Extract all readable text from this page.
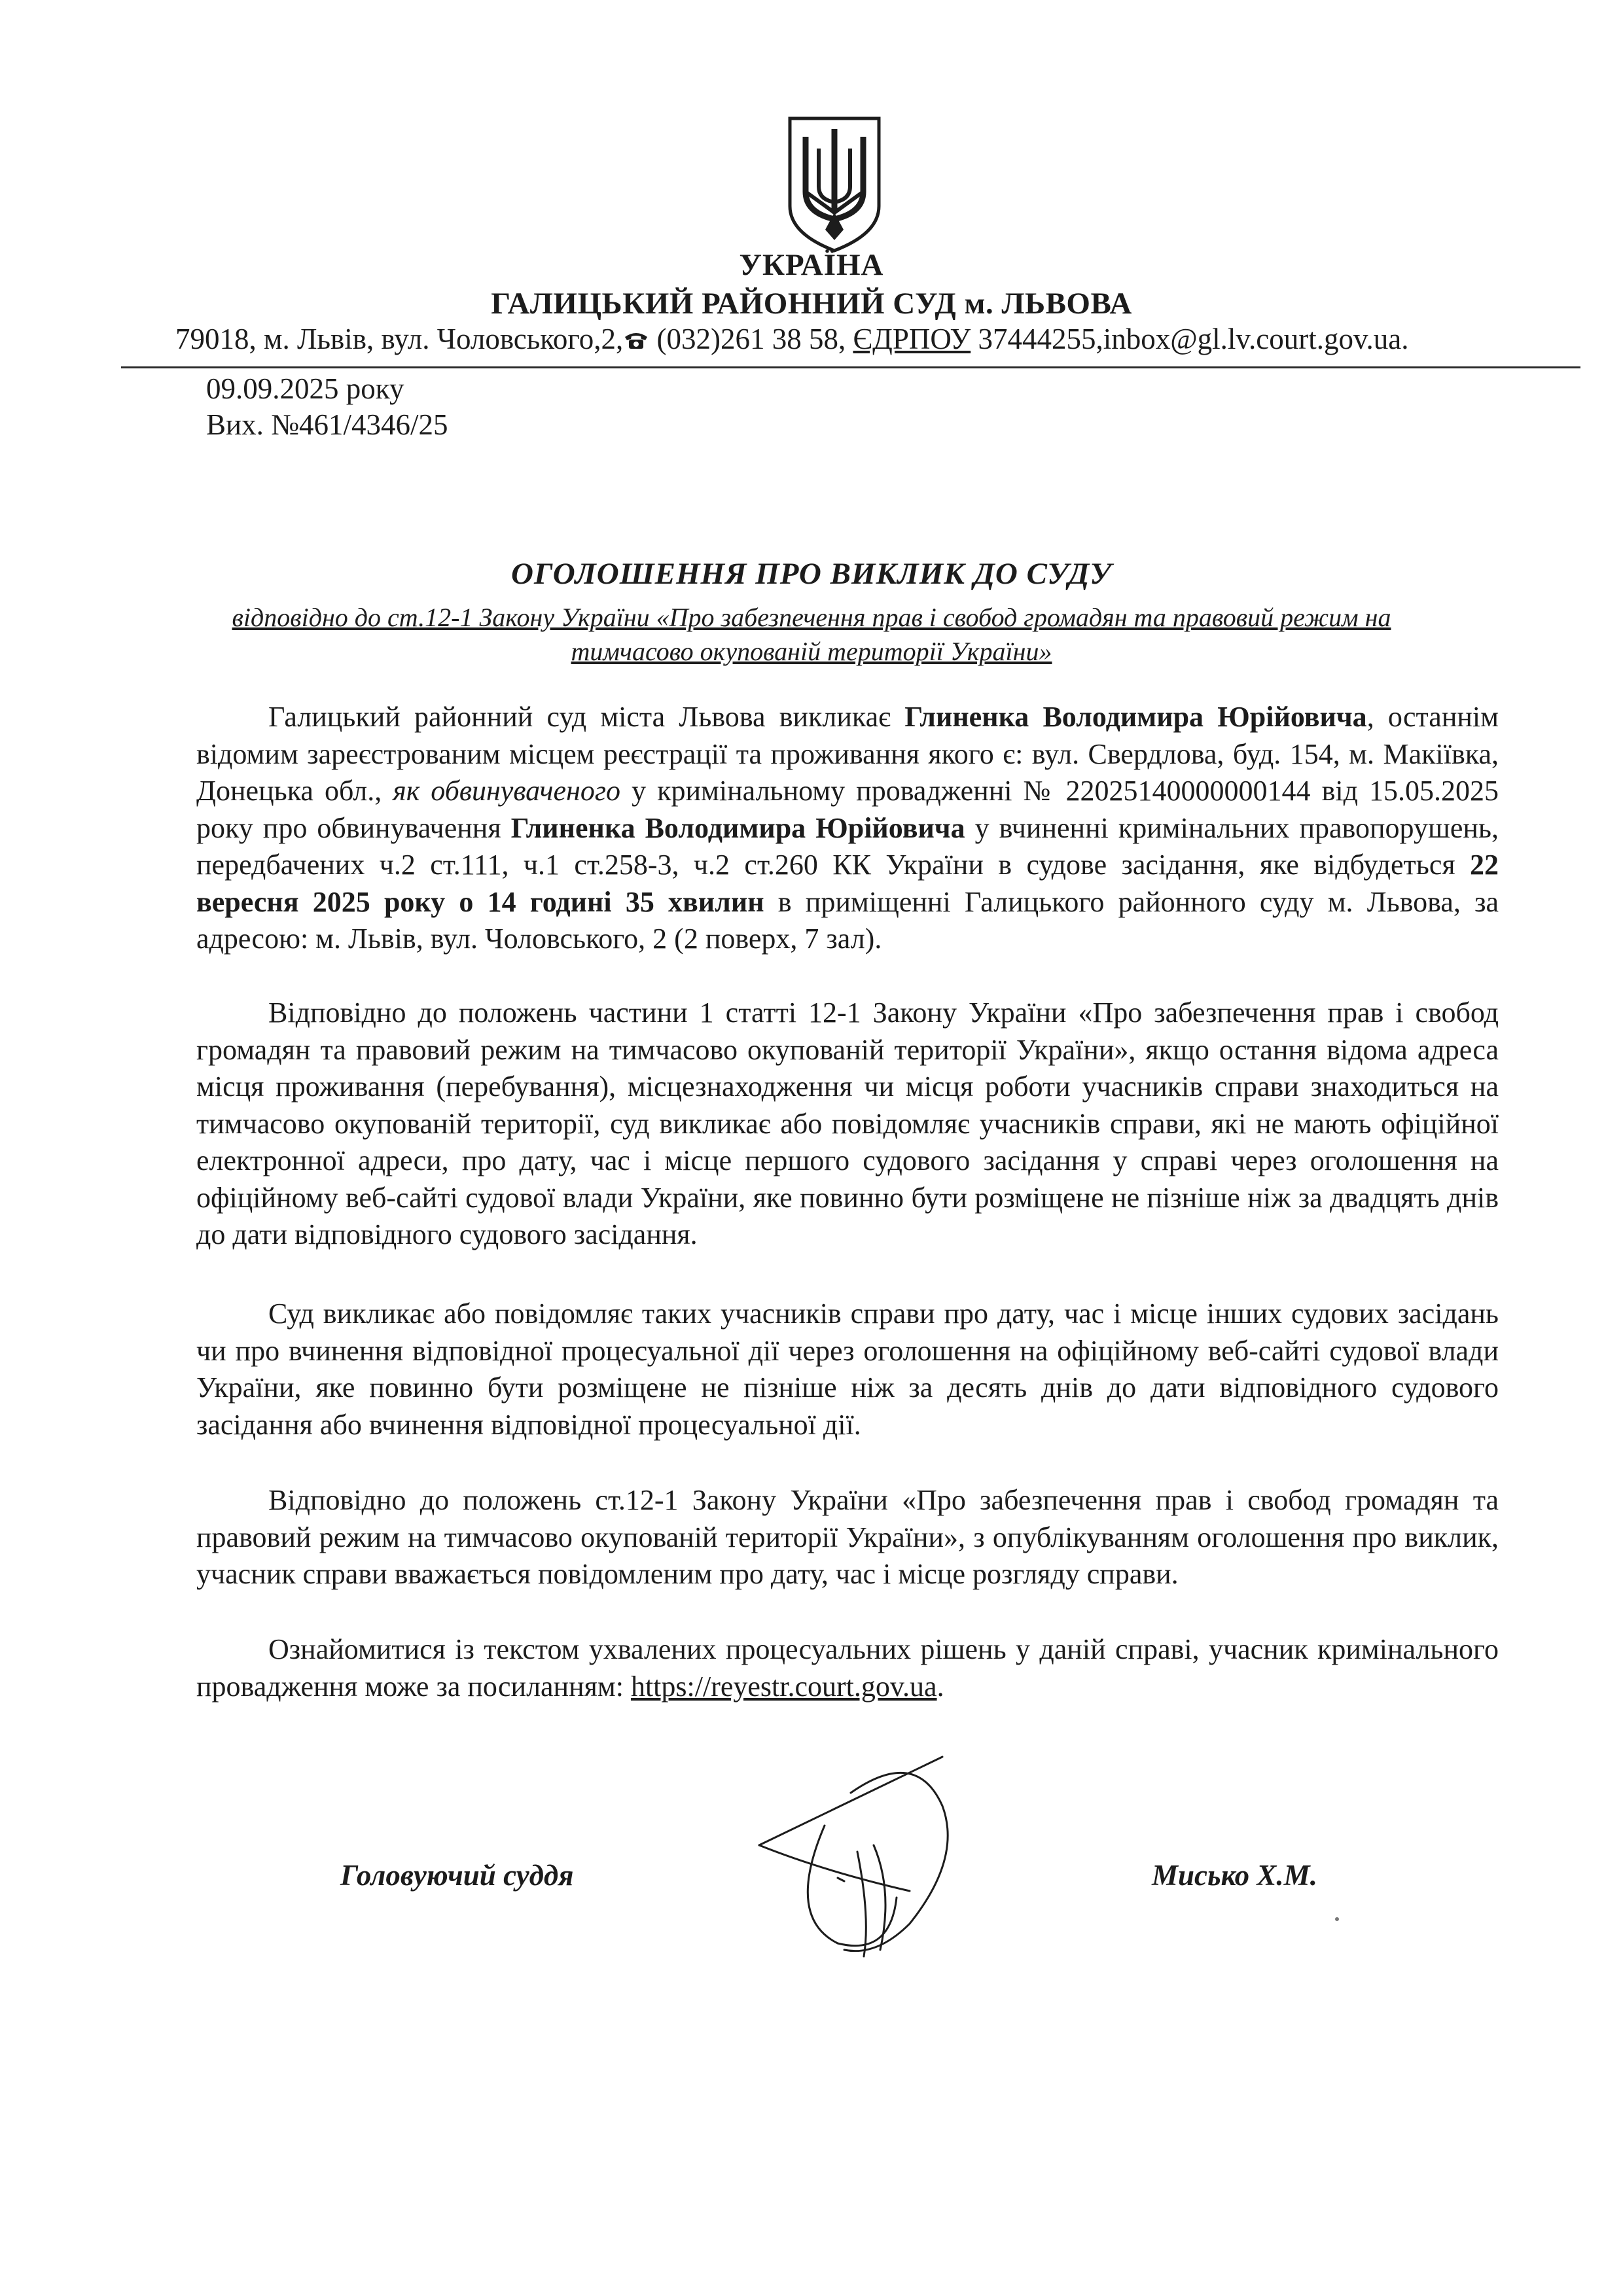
УКРАЇНА
ГАЛИЦЬКИЙ РАЙОННИЙ СУД м. ЛЬВОВА
79018, м. Львів, вул. Чоловського,2, (032)261 38 58, ЄДРПОУ 37444255,inbox@gl.lv.court.gov.ua.
09.09.2025 року
Вих. №461/4346/25
ОГОЛОШЕННЯ ПРО ВИКЛИК ДО СУДУ
відповідно до ст.12-1 Закону України «Про забезпечення прав і свобод громадян та правовий режим на тимчасово окупованій території України»
Галицький районний суд міста Львова викликає Глиненка Володимира Юрійовича, останнім відомим зареєстрованим місцем реєстрації та проживання якого є: вул. Свердлова, буд. 154, м. Макіївка, Донецька обл., як обвинуваченого у кримінальному провадженні № 22025140000000144 від 15.05.2025 року про обвинувачення Глиненка Володимира Юрійовича у вчиненні кримінальних правопорушень, передбачених ч.2 ст.111, ч.1 ст.258-3, ч.2 ст.260 КК України в судове засідання, яке відбудеться 22 вересня 2025 року о 14 годині 35 хвилин в приміщенні Галицького районного суду м. Львова, за адресою: м. Львів, вул. Чоловського, 2 (2 поверх, 7 зал).
Відповідно до положень частини 1 статті 12-1 Закону України «Про забезпечення прав і свобод громадян та правовий режим на тимчасово окупованій території України», якщо остання відома адреса місця проживання (перебування), місцезнаходження чи місця роботи учасників справи знаходиться на тимчасово окупованій території, суд викликає або повідомляє учасників справи, які не мають офіційної електронної адреси, про дату, час і місце першого судового засідання у справі через оголошення на офіційному веб-сайті судової влади України, яке повинно бути розміщене не пізніше ніж за двадцять днів до дати відповідного судового засідання.
Суд викликає або повідомляє таких учасників справи про дату, час і місце інших судових засідань чи про вчинення відповідної процесуальної дії через оголошення на офіційному веб-сайті судової влади України, яке повинно бути розміщене не пізніше ніж за десять днів до дати відповідного судового засідання або вчинення відповідної процесуальної дії.
Відповідно до положень ст.12-1 Закону України «Про забезпечення прав і свобод громадян та правовий режим на тимчасово окупованій території України», з опублікуванням оголошення про виклик, учасник справи вважається повідомленим про дату, час і місце розгляду справи.
Ознайомитися із текстом ухвалених процесуальних рішень у даній справі, учасник кримінального провадження може за посиланням: https://reyestr.court.gov.ua.
Головуючий суддя	Мисько Х.М.
